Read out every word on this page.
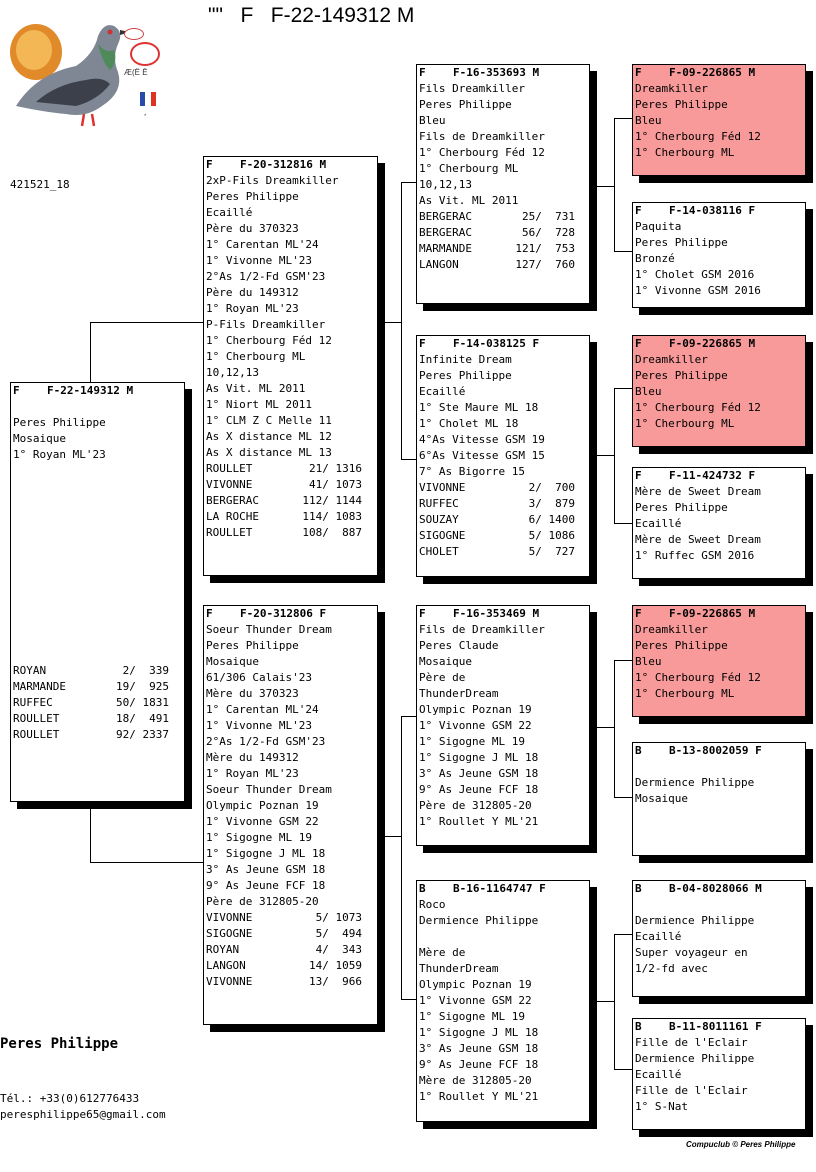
Æ(Ë Ë
*
"" F F-22-149312 M
421521_18
F	F-22-149312 M
Peres Philippe
Mosaique
1° Royan ML'23
ROYAN	2/  339
MARMANDE	19/  925
RUFFEC	50/ 1831
ROULLET	18/  491
ROULLET	92/ 2337
F	F-20-312816 M
2xP-Fils Dreamkiller
Peres Philippe
Ecaillé
Père du 370323
1° Carentan ML'24
1° Vivonne ML'23
2°As 1/2-Fd GSM'23
Père du 149312
1° Royan ML'23
P-Fils Dreamkiller
1° Cherbourg Féd 12
1° Cherbourg ML
10,12,13
As Vit. ML 2011
1° Niort ML 2011
1° CLM Z C Melle 11
As X distance ML 12
As X distance ML 13
ROULLET	21/ 1316
VIVONNE	41/ 1073
BERGERAC	112/ 1144
LA ROCHE	114/ 1083
ROULLET	108/  887
F	F-20-312806 F
Soeur Thunder Dream
Peres Philippe
Mosaique
61/306 Calais'23
Mère du 370323
1° Carentan ML'24
1° Vivonne ML'23
2°As 1/2-Fd GSM'23
Mère du 149312
1° Royan ML'23
Soeur Thunder Dream
Olympic Poznan 19
1° Vivonne GSM 22
1° Sigogne ML 19
1° Sigogne J ML 18
3° As Jeune GSM 18
9° As Jeune FCF 18
Père de 312805-20
VIVONNE	5/ 1073
SIGOGNE	5/  494
ROYAN	4/  343
LANGON	14/ 1059
VIVONNE	13/  966
F	F-16-353693 M
Fils Dreamkiller
Peres Philippe
Bleu
Fils de Dreamkiller
1° Cherbourg Féd 12
1° Cherbourg ML
10,12,13
As Vit. ML 2011
BERGERAC	25/  731
BERGERAC	56/  728
MARMANDE	121/  753
LANGON	127/  760
F	F-14-038125 F
Infinite Dream
Peres Philippe
Ecaillé
1° Ste Maure ML 18
1° Cholet ML 18
4°As Vitesse GSM 19
6°As Vitesse GSM 15
7° As Bigorre 15
VIVONNE	2/  700
RUFFEC	3/  879
SOUZAY	6/ 1400
SIGOGNE	5/ 1086
CHOLET	5/  727
F	F-16-353469 M
Fils de Dreamkiller
Peres Claude
Mosaique
Père de
ThunderDream
Olympic Poznan 19
1° Vivonne GSM 22
1° Sigogne ML 19
1° Sigogne J ML 18
3° As Jeune GSM 18
9° As Jeune FCF 18
Père de 312805-20
1° Roullet Y ML'21
B	B-16-1164747 F
Roco
Dermience Philippe
Mère de
ThunderDream
Olympic Poznan 19
1° Vivonne GSM 22
1° Sigogne ML 19
1° Sigogne J ML 18
3° As Jeune GSM 18
9° As Jeune FCF 18
Mère de 312805-20
1° Roullet Y ML'21
F	F-09-226865 M
Dreamkiller
Peres Philippe
Bleu
1° Cherbourg Féd 12
1° Cherbourg ML
F	F-14-038116 F
Paquita
Peres Philippe
Bronzé
1° Cholet GSM 2016
1° Vivonne GSM 2016
F	F-09-226865 M
Dreamkiller
Peres Philippe
Bleu
1° Cherbourg Féd 12
1° Cherbourg ML
F	F-11-424732 F
Mère de Sweet Dream
Peres Philippe
Ecaillé
Mère de Sweet Dream
1° Ruffec GSM 2016
F	F-09-226865 M
Dreamkiller
Peres Philippe
Bleu
1° Cherbourg Féd 12
1° Cherbourg ML
B	B-13-8002059 F
Dermience Philippe
Mosaique
B	B-04-8028066 M
Dermience Philippe
Ecaillé
Super voyageur en
1/2-fd avec
B	B-11-8011161 F
Fille de l'Eclair
Dermience Philippe
Ecaillé
Fille de l'Eclair
1° S-Nat
Peres Philippe
Tél.: +33(0)612776433
peresphilippe65@gmail.com
Compuclub © Peres Philippe
